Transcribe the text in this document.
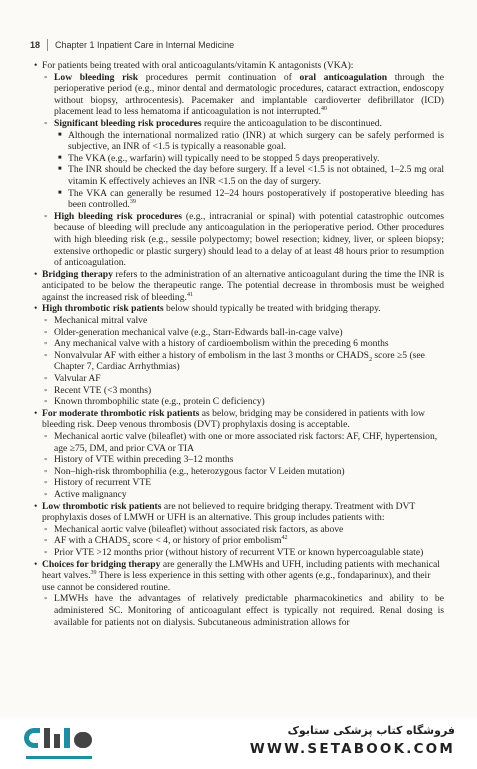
18 Chapter 1 Inpatient Care in Internal Medicine
• For patients being treated with oral anticoagulants/vitamin K antagonists (VKA):
◦ Low bleeding risk procedures permit continuation of oral anticoagulation through the perioperative period (e.g., minor dental and dermatologic procedures, cataract extraction, endoscopy without biopsy, arthrocentesis). Pacemaker and implantable cardioverter defibrillator (ICD) placement lead to less hematoma if anticoagulation is not interrupted.$^{40}$
◦ Significant bleeding risk procedures require the anticoagulation to be discontinued.
■ Although the international normalized ratio (INR) at which surgery can be safely performed is subjective, an INR of <1.5 is typically a reasonable goal.
■ The VKA (e.g., warfarin) will typically need to be stopped 5 days preoperatively.
■ The INR should be checked the day before surgery. If a level <1.5 is not obtained, 1–2.5 mg oral vitamin K effectively achieves an INR <1.5 on the day of surgery.
■ The VKA can generally be resumed 12–24 hours postoperatively if postoperative bleeding has been controlled.$^{39}$
◦ High bleeding risk procedures (e.g., intracranial or spinal) with potential catastrophic outcomes because of bleeding will preclude any anticoagulation in the perioperative period. Other procedures with high bleeding risk (e.g., sessile polypectomy; bowel resection; kidney, liver, or spleen biopsy; extensive orthopedic or plastic surgery) should lead to a delay of at least 48 hours prior to resumption of anticoagulation.
• Bridging therapy refers to the administration of an alternative anticoagulant during the time the INR is anticipated to be below the therapeutic range. The potential decrease in thrombosis must be weighed against the increased risk of bleeding.$^{41}$
• High thrombotic risk patients below should typically be treated with bridging therapy.
◦ Mechanical mitral valve
◦ Older-generation mechanical valve (e.g., Starr-Edwards ball-in-cage valve)
◦ Any mechanical valve with a history of cardioembolism within the preceding 6 months
◦ Nonvalvular AF with either a history of embolism in the last 3 months or $CHADS_2$ score ≥5 (see Chapter 7, Cardiac Arrhythmias)
◦ Valvular AF
◦ Recent VTE (<3 months)
◦ Known thrombophilic state (e.g., protein C deficiency)
• For moderate thrombotic risk patients as below, bridging may be considered in patients with low bleeding risk. Deep venous thrombosis (DVT) prophylaxis dosing is acceptable.
◦ Mechanical aortic valve (bileaflet) with one or more associated risk factors: AF, CHF, hypertension, age ≥75, DM, and prior CVA or TIA
◦ History of VTE within preceding 3–12 months
◦ Non–high-risk thrombophilia (e.g., heterozygous factor V Leiden mutation)
◦ History of recurrent VTE
◦ Active malignancy
• Low thrombotic risk patients are not believed to require bridging therapy. Treatment with DVT prophylaxis doses of LMWH or UFH is an alternative. This group includes patients with:
◦ Mechanical aortic valve (bileaflet) without associated risk factors, as above
◦ AF with a $CHADS_2$ score < 4, or history of prior embolism$^{42}$
◦ Prior VTE >12 months prior (without history of recurrent VTE or known hypercoagulable state)
• Choices for bridging therapy are generally the LMWHs and UFH, including patients with mechanical heart valves.$^{39}$ There is less experience in this setting with other agents (e.g., fondaparinux), and their use cannot be considered routine.
◦ LMWHs have the advantages of relatively predictable pharmacokinetics and ability to be administered SC. Monitoring of anticoagulant effect is typically not required. Renal dosing is available for patients not on dialysis. Subcutaneous administration allows for
فروشگاه کتاب پزشکی ستابوک
WWW.SETABOOK.COM
